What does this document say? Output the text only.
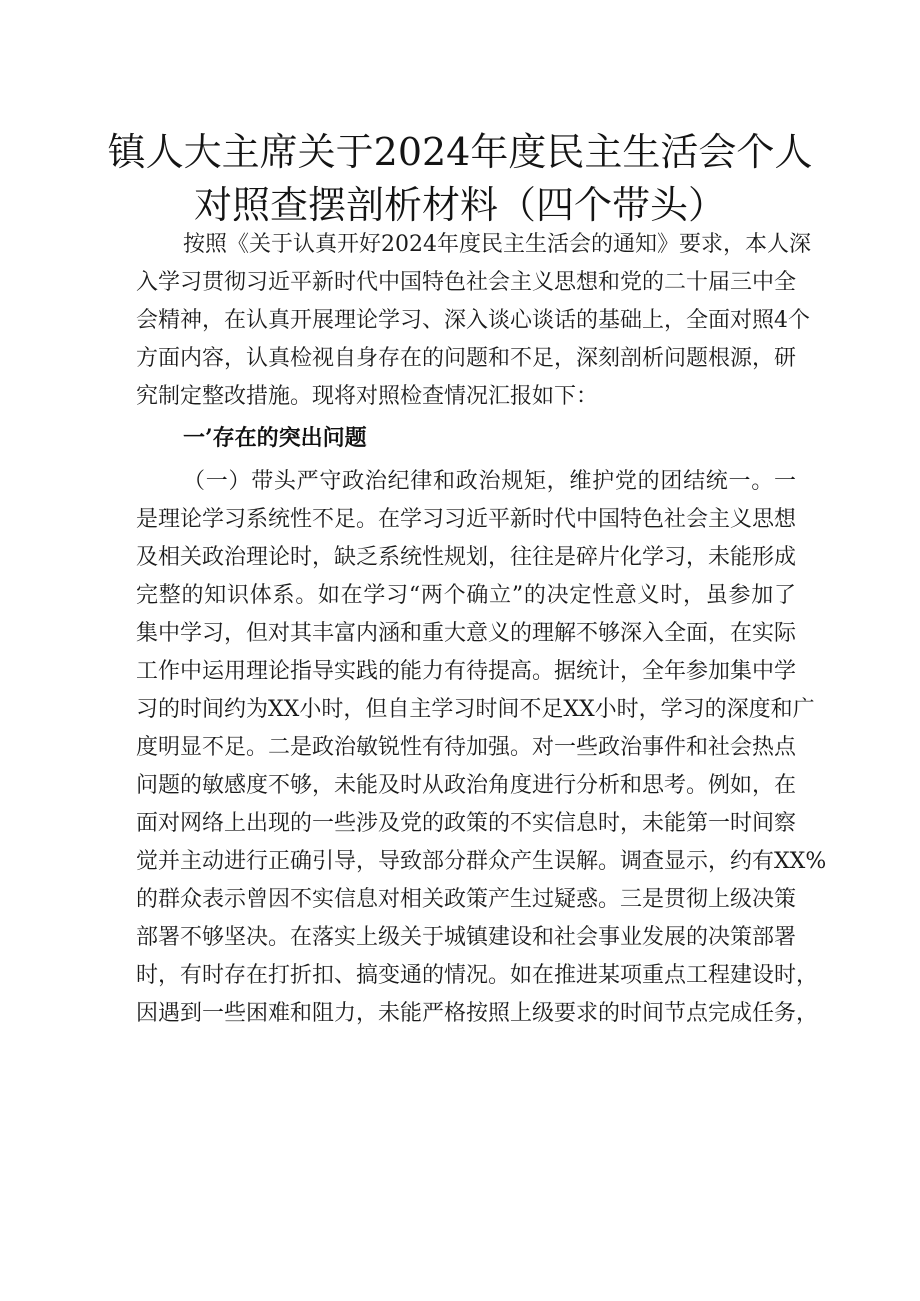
镇人大主席关于2024年度民主生活会个人
对照查摆剖析材料（四个带头）
按照《关于认真开好2024年度民主生活会的通知》要求，本人深
入学习贯彻习近平新时代中国特色社会主义思想和党的二十届三中全
会精神，在认真开展理论学习、深入谈心谈话的基础上，全面对照4个
方面内容，认真检视自身存在的问题和不足，深刻剖析问题根源，研
究制定整改措施。现将对照检查情况汇报如下：
一’存在的突出问题
（一）带头严守政治纪律和政治规矩，维护党的团结统一。一
是理论学习系统性不足。在学习习近平新时代中国特色社会主义思想
及相关政治理论时，缺乏系统性规划，往往是碎片化学习，未能形成
完整的知识体系。如在学习“两个确立”的决定性意义时，虽参加了
集中学习，但对其丰富内涵和重大意义的理解不够深入全面，在实际
工作中运用理论指导实践的能力有待提高。据统计，全年参加集中学
习的时间约为XX小时，但自主学习时间不足XX小时，学习的深度和广
度明显不足。二是政治敏锐性有待加强。对一些政治事件和社会热点
问题的敏感度不够，未能及时从政治角度进行分析和思考。例如，在
面对网络上出现的一些涉及党的政策的不实信息时，未能第一时间察
觉并主动进行正确引导，导致部分群众产生误解。调查显示，约有XX%
的群众表示曾因不实信息对相关政策产生过疑惑。三是贯彻上级决策
部署不够坚决。在落实上级关于城镇建设和社会事业发展的决策部署
时，有时存在打折扣、搞变通的情况。如在推进某项重点工程建设时，
因遇到一些困难和阻力，未能严格按照上级要求的时间节点完成任务，
